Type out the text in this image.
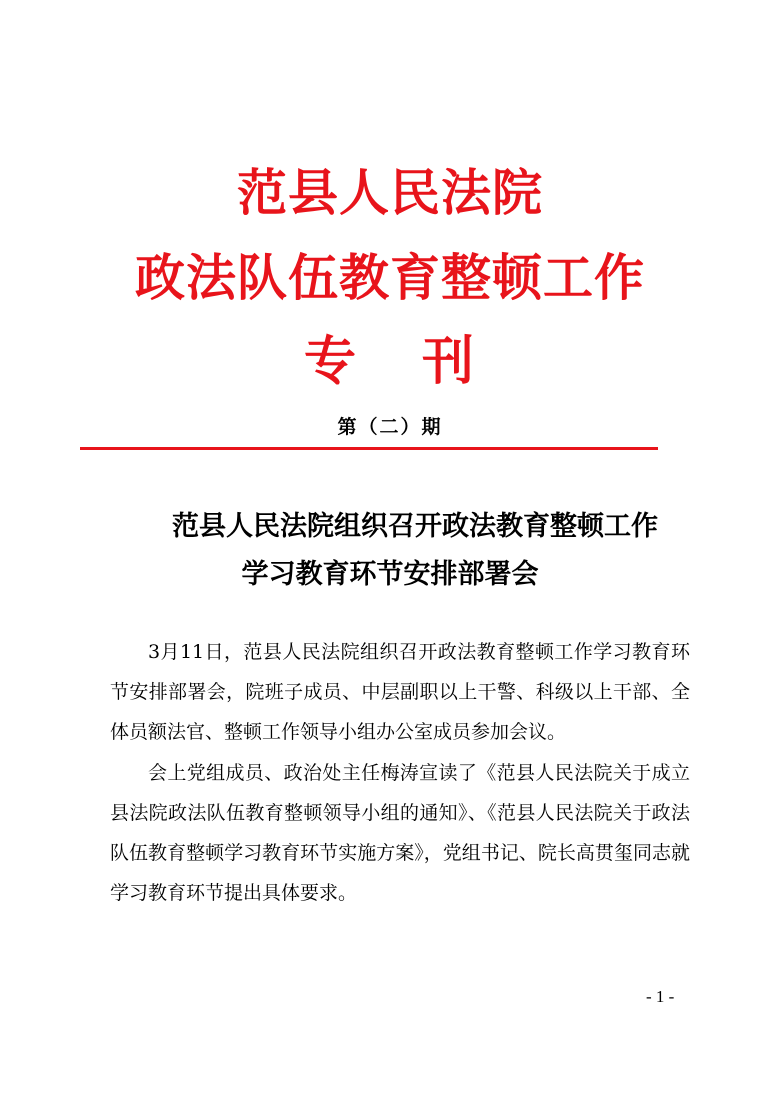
范县人民法院
政法队伍教育整顿工作
专 刊
第（二）期
范县人民法院组织召开政法教育整顿工作
学习教育环节安排部署会

3月11日，范县人民法院组织召开政法教育整顿工作学习教育环节安排部署会，院班子成员、中层副职以上干警、科级以上干部、全体员额法官、整顿工作领导小组办公室成员参加会议。

会上党组成员、政治处主任梅涛宣读了《范县人民法院关于成立县法院政法队伍教育整顿领导小组的通知》、《范县人民法院关于政法队伍教育整顿学习教育环节实施方案》，党组书记、院长高贯玺同志就学习教育环节提出具体要求。

- 1 -
